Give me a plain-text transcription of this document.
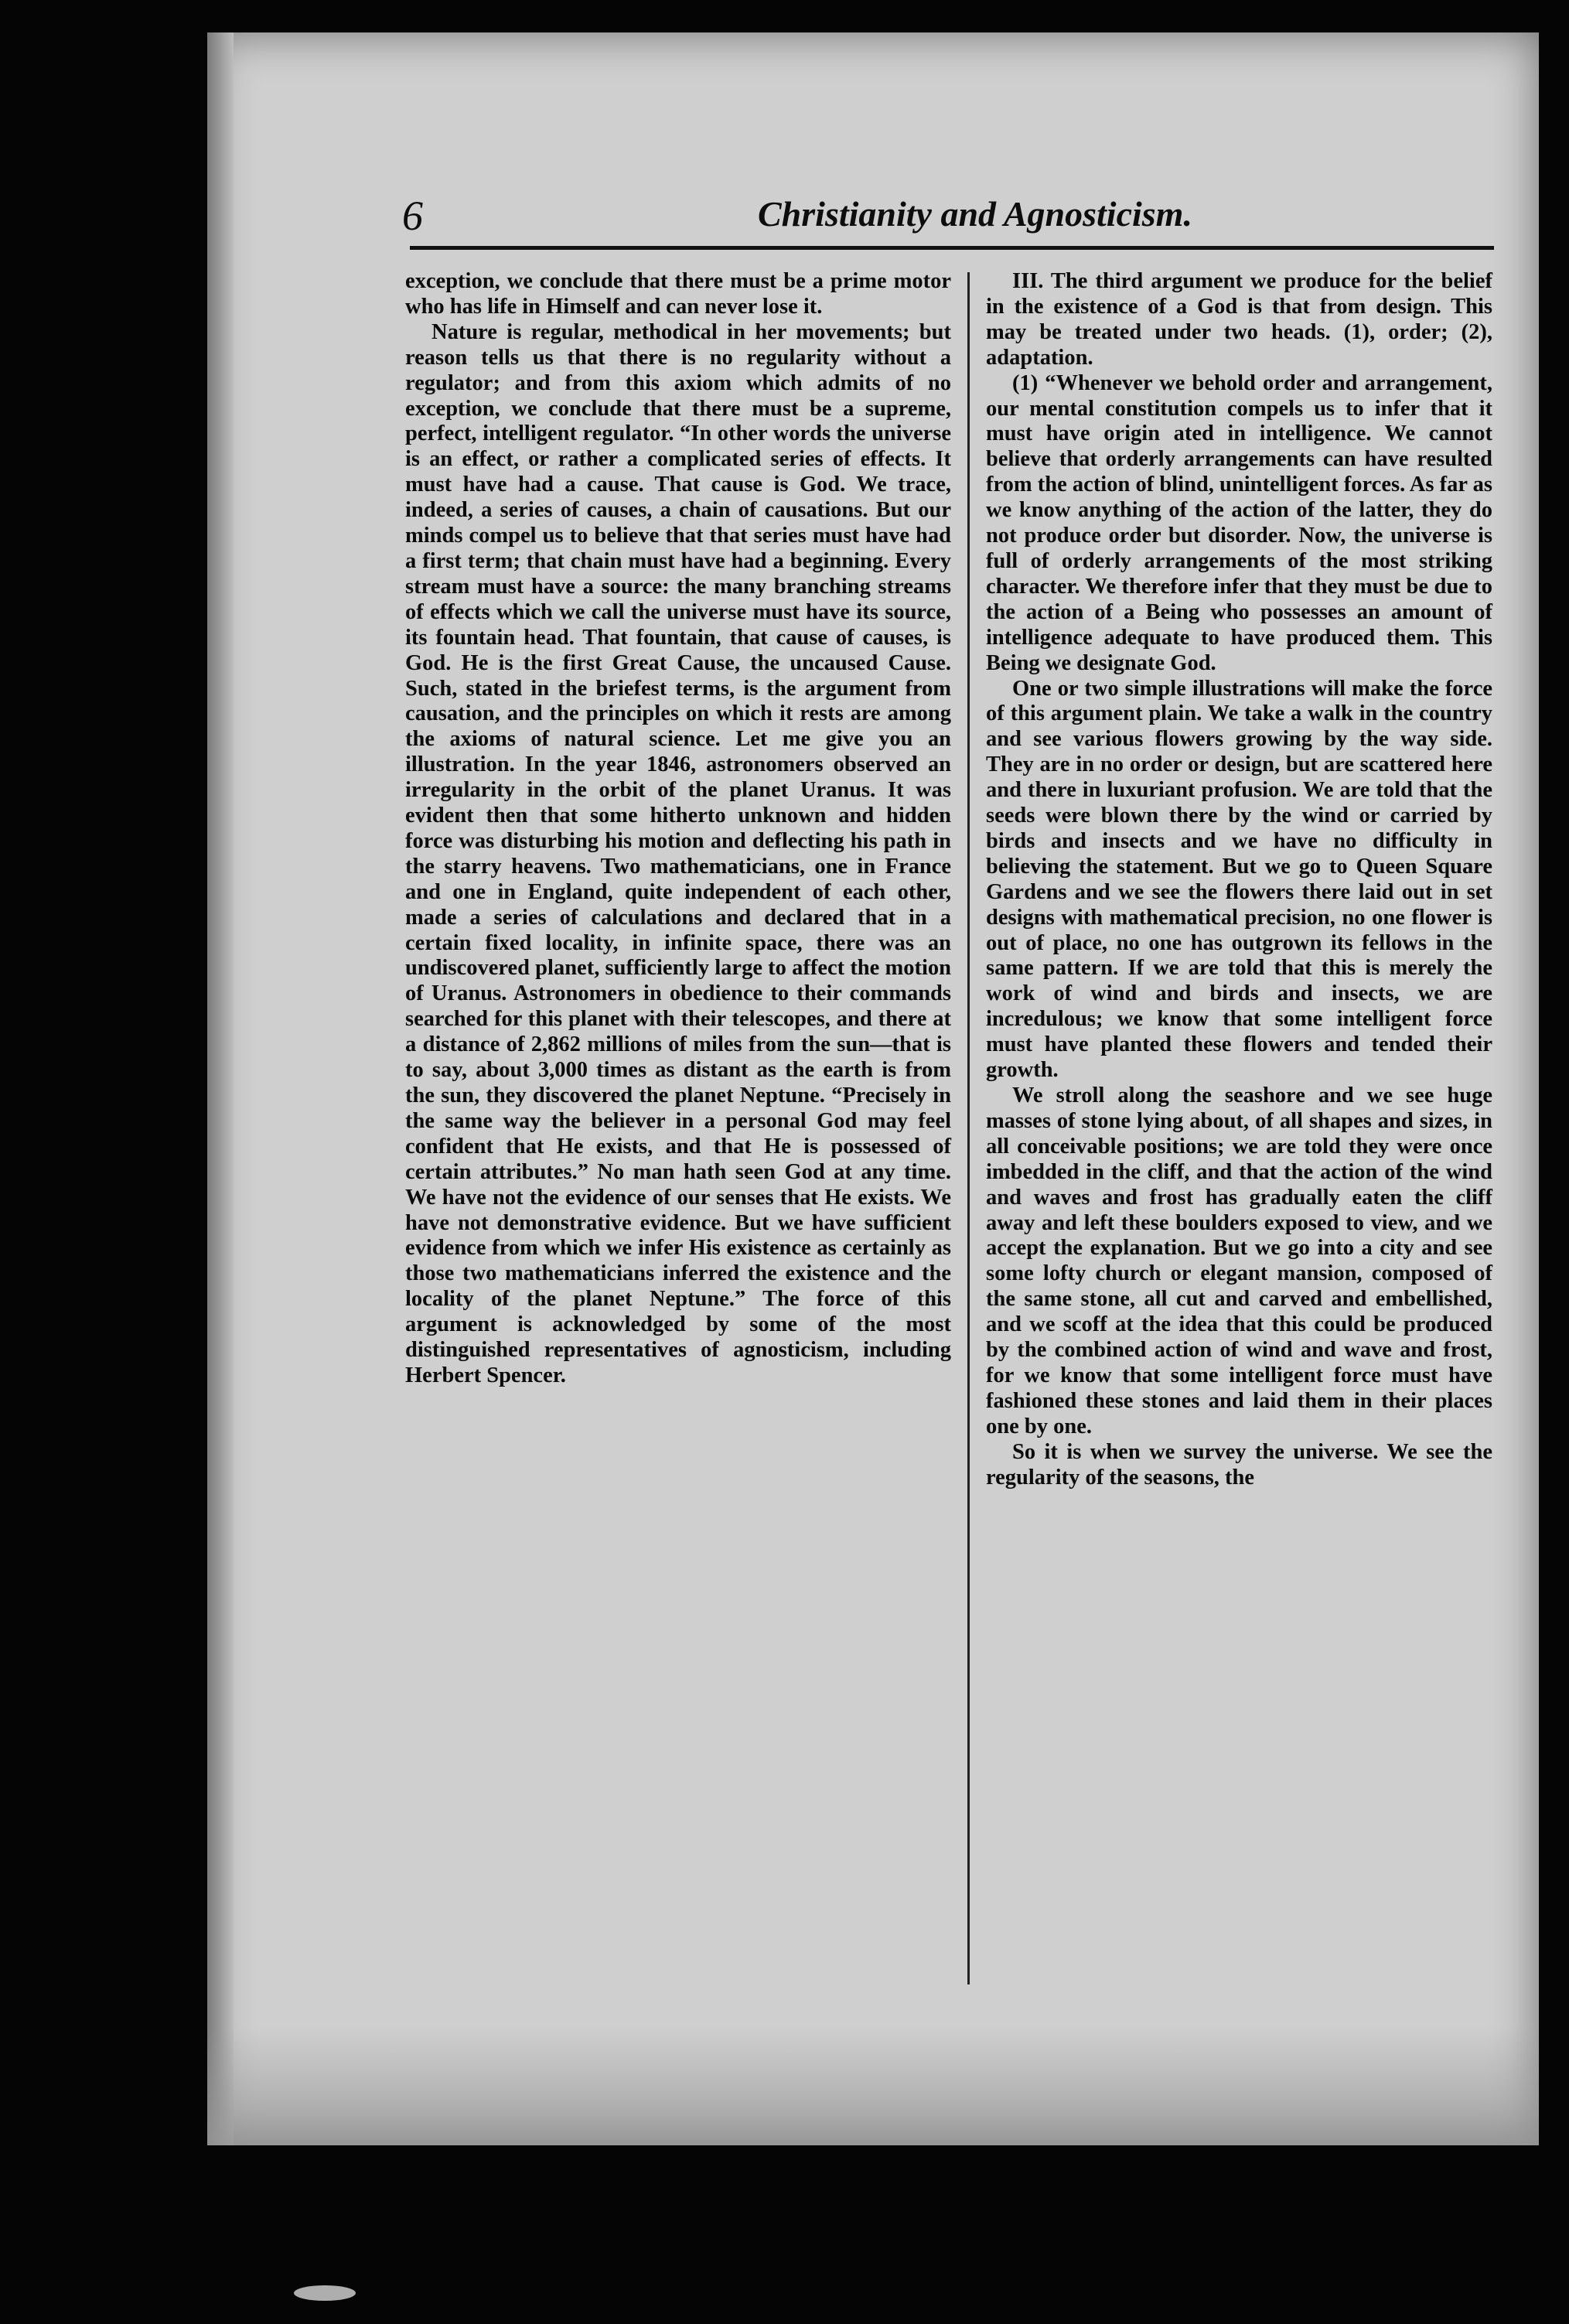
6	Christianity and Agnosticism.

exception, we conclude that there must be a prime motor who has life in Himself and can never lose it.

Nature is regular, methodical in her movements; but reason tells us that there is no regularity without a regulator; and from this axiom which admits of no exception, we conclude that there must be a supreme, perfect, intelligent regulator. “In other words the universe is an effect, or rather a complicated series of effects. It must have had a cause. That cause is God. We trace, indeed, a series of causes, a chain of causations. But our minds compel us to believe that that series must have had a first term; that chain must have had a beginning. Every stream must have a source: the many branching streams of effects which we call the universe must have its source, its fountain head. That fountain, that cause of causes, is God. He is the first Great Cause, the uncaused Cause. Such, stated in the briefest terms, is the argument from causation, and the principles on which it rests are among the axioms of natural science. Let me give you an illustration. In the year 1846, astronomers observed an irregularity in the orbit of the planet Uranus. It was evident then that some hitherto unknown and hidden force was disturbing his motion and deflecting his path in the starry heavens. Two mathematicians, one in France and one in England, quite independent of each other, made a series of calculations and declared that in a certain fixed locality, in infinite space, there was an undiscovered planet, sufficiently large to affect the motion of Uranus. Astronomers in obedience to their commands searched for this planet with their telescopes, and there at a distance of 2,862 millions of miles from the sun—that is to say, about 3,000 times as distant as the earth is from the sun, they discovered the planet Neptune. “Precisely in the same way the believer in a personal God may feel confident that He exists, and that He is possessed of certain attributes.” No man hath seen God at any time. We have not the evidence of our senses that He exists. We have not demonstrative evidence. But we have sufficient evidence from which we infer His existence as certainly as those two mathematicians inferred the existence and the locality of the planet Neptune.” The force of this argument is acknowledged by some of the most distinguished representatives of agnosticism, including Herbert Spencer.

III. The third argument we produce for the belief in the existence of a God is that from design. This may be treated under two heads. (1), order; (2), adaptation.

(1) “Whenever we behold order and arrangement, our mental constitution compels us to infer that it must have origin ated in intelligence. We cannot believe that orderly arrangements can have resulted from the action of blind, unintelligent forces. As far as we know anything of the action of the latter, they do not produce order but disorder. Now, the universe is full of orderly arrangements of the most striking character. We therefore infer that they must be due to the action of a Being who possesses an amount of intelligence adequate to have produced them. This Being we designate God.

One or two simple illustrations will make the force of this argument plain. We take a walk in the country and see various flowers growing by the way side. They are in no order or design, but are scattered here and there in luxuriant profusion. We are told that the seeds were blown there by the wind or carried by birds and insects and we have no difficulty in believing the statement. But we go to Queen Square Gardens and we see the flowers there laid out in set designs with mathematical precision, no one flower is out of place, no one has outgrown its fellows in the same pattern. If we are told that this is merely the work of wind and birds and insects, we are incredulous; we know that some intelligent force must have planted these flowers and tended their growth.

We stroll along the seashore and we see huge masses of stone lying about, of all shapes and sizes, in all conceivable positions; we are told they were once imbedded in the cliff, and that the action of the wind and waves and frost has gradually eaten the cliff away and left these boulders exposed to view, and we accept the explanation. But we go into a city and see some lofty church or elegant mansion, composed of the same stone, all cut and carved and embellished, and we scoff at the idea that this could be produced by the combined action of wind and wave and frost, for we know that some intelligent force must have fashioned these stones and laid them in their places one by one.

So it is when we survey the universe. We see the regularity of the seasons, the
